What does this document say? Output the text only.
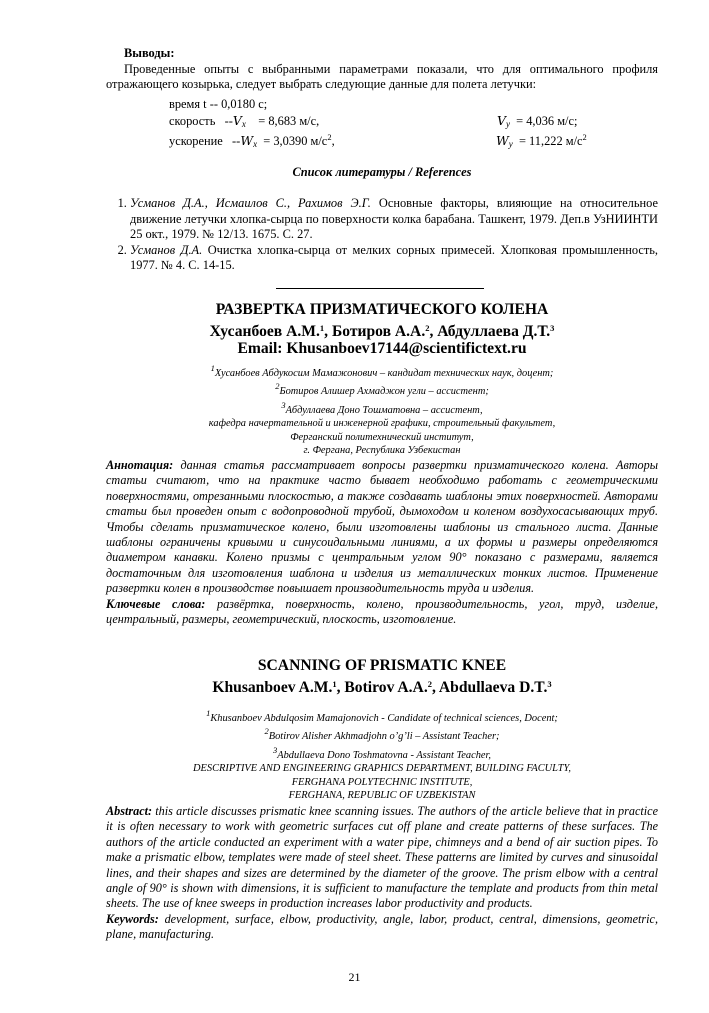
Выводы:
Проведенные опыты с выбранными параметрами показали, что для оптимального профиля отражающего козырька, следует выбрать следующие данные для полета летучки:
время t -- 0,0180 с;
скорость $--V_x = 8,683$ м/с,	$V_y = 4,036$ м/с;
ускорение $--W_x = 3,0390$ $м/с^2$,	$W_y = 11,222$ $м/с^2$
Список литературы / References
1. Усманов Д.А., Исмаилов С., Рахимов Э.Г. Основные факторы, влияющие на относительное движение летучки хлопка-сырца по поверхности колка барабана. Ташкент, 1979. Деп.в УзНИИНТИ 25 окт., 1979. № 12/13. 1675. С. 27.
2. Усманов Д.А. Очистка хлопка-сырца от мелких сорных примесей. Хлопковая промышленность, 1977. № 4. С. 14-15.
РАЗВЕРТКА ПРИЗМАТИЧЕСКОГО КОЛЕНА
Хусанбоев А.М.$^1$, Ботиров А.А.$^2$, Абдуллаева Д.Т.$^3$
Email: Khusanboev17144@scientifictext.ru
$^1$Хусанбоев Абдукосим Мамажонович – кандидат технических наук, доцент;
$^2$Ботиров Алишер Ахмаджон угли – ассистент;
$^3$Абдуллаева Доно Тошматовна – ассистент,
кафедра начертательной и инженерной графики, строительный факультет,
Ферганский политехнический институт,
г. Фергана, Республика Узбекистан
Аннотация: данная статья рассматривает вопросы развертки призматического колена. Авторы статьи считают, что на практике часто бывает необходимо работать с геометрическими поверхностями, отрезанными плоскостью, а также создавать шаблоны этих поверхностей. Авторами статьи был проведен опыт с водопроводной трубой, дымоходом и коленом воздухосасывающих труб. Чтобы сделать призматическое колено, были изготовлены шаблоны из стального листа. Данные шаблоны ограничены кривыми и синусоидальными линиями, а их формы и размеры определяются диаметром канавки. Колено призмы с центральным углом 90° показано с размерами, является достаточным для изготовления шаблона и изделия из металлических тонких листов. Применение развертки колен в производстве повышает производительность труда и изделия.
Ключевые слова: развёртка, поверхность, колено, производительность, угол, труд, изделие, центральный, размеры, геометрический, плоскость, изготовление.
SCANNING OF PRISMATIC KNEE
Khusanboev A.M.$^1$, Botirov A.A.$^2$, Abdullaeva D.T.$^3$
$^1$Khusanboev Abdulqosim Mamajonovich - Candidate of technical sciences, Docent;
$^2$Botirov Alisher Akhmadjohn o’g’li – Assistant Teacher;
$^3$Abdullaeva Dono Toshmatovna - Assistant Teacher,
DESCRIPTIVE AND ENGINEERING GRAPHICS DEPARTMENT, BUILDING FACULTY,
FERGHANA POLYTECHNIC INSTITUTE,
FERGHANA, REPUBLIC OF UZBEKISTAN
Abstract: this article discusses prismatic knee scanning issues. The authors of the article believe that in practice it is often necessary to work with geometric surfaces cut off plane and create patterns of these surfaces. The authors of the article conducted an experiment with a water pipe, chimneys and a bend of air suction pipes. To make a prismatic elbow, templates were made of steel sheet. These patterns are limited by curves and sinusoidal lines, and their shapes and sizes are determined by the diameter of the groove. The prism elbow with a central angle of 90° is shown with dimensions, it is sufficient to manufacture the template and products from thin metal sheets. The use of knee sweeps in production increases labor productivity and products.
Keywords: development, surface, elbow, productivity, angle, labor, product, central, dimensions, geometric, plane, manufacturing.
21
